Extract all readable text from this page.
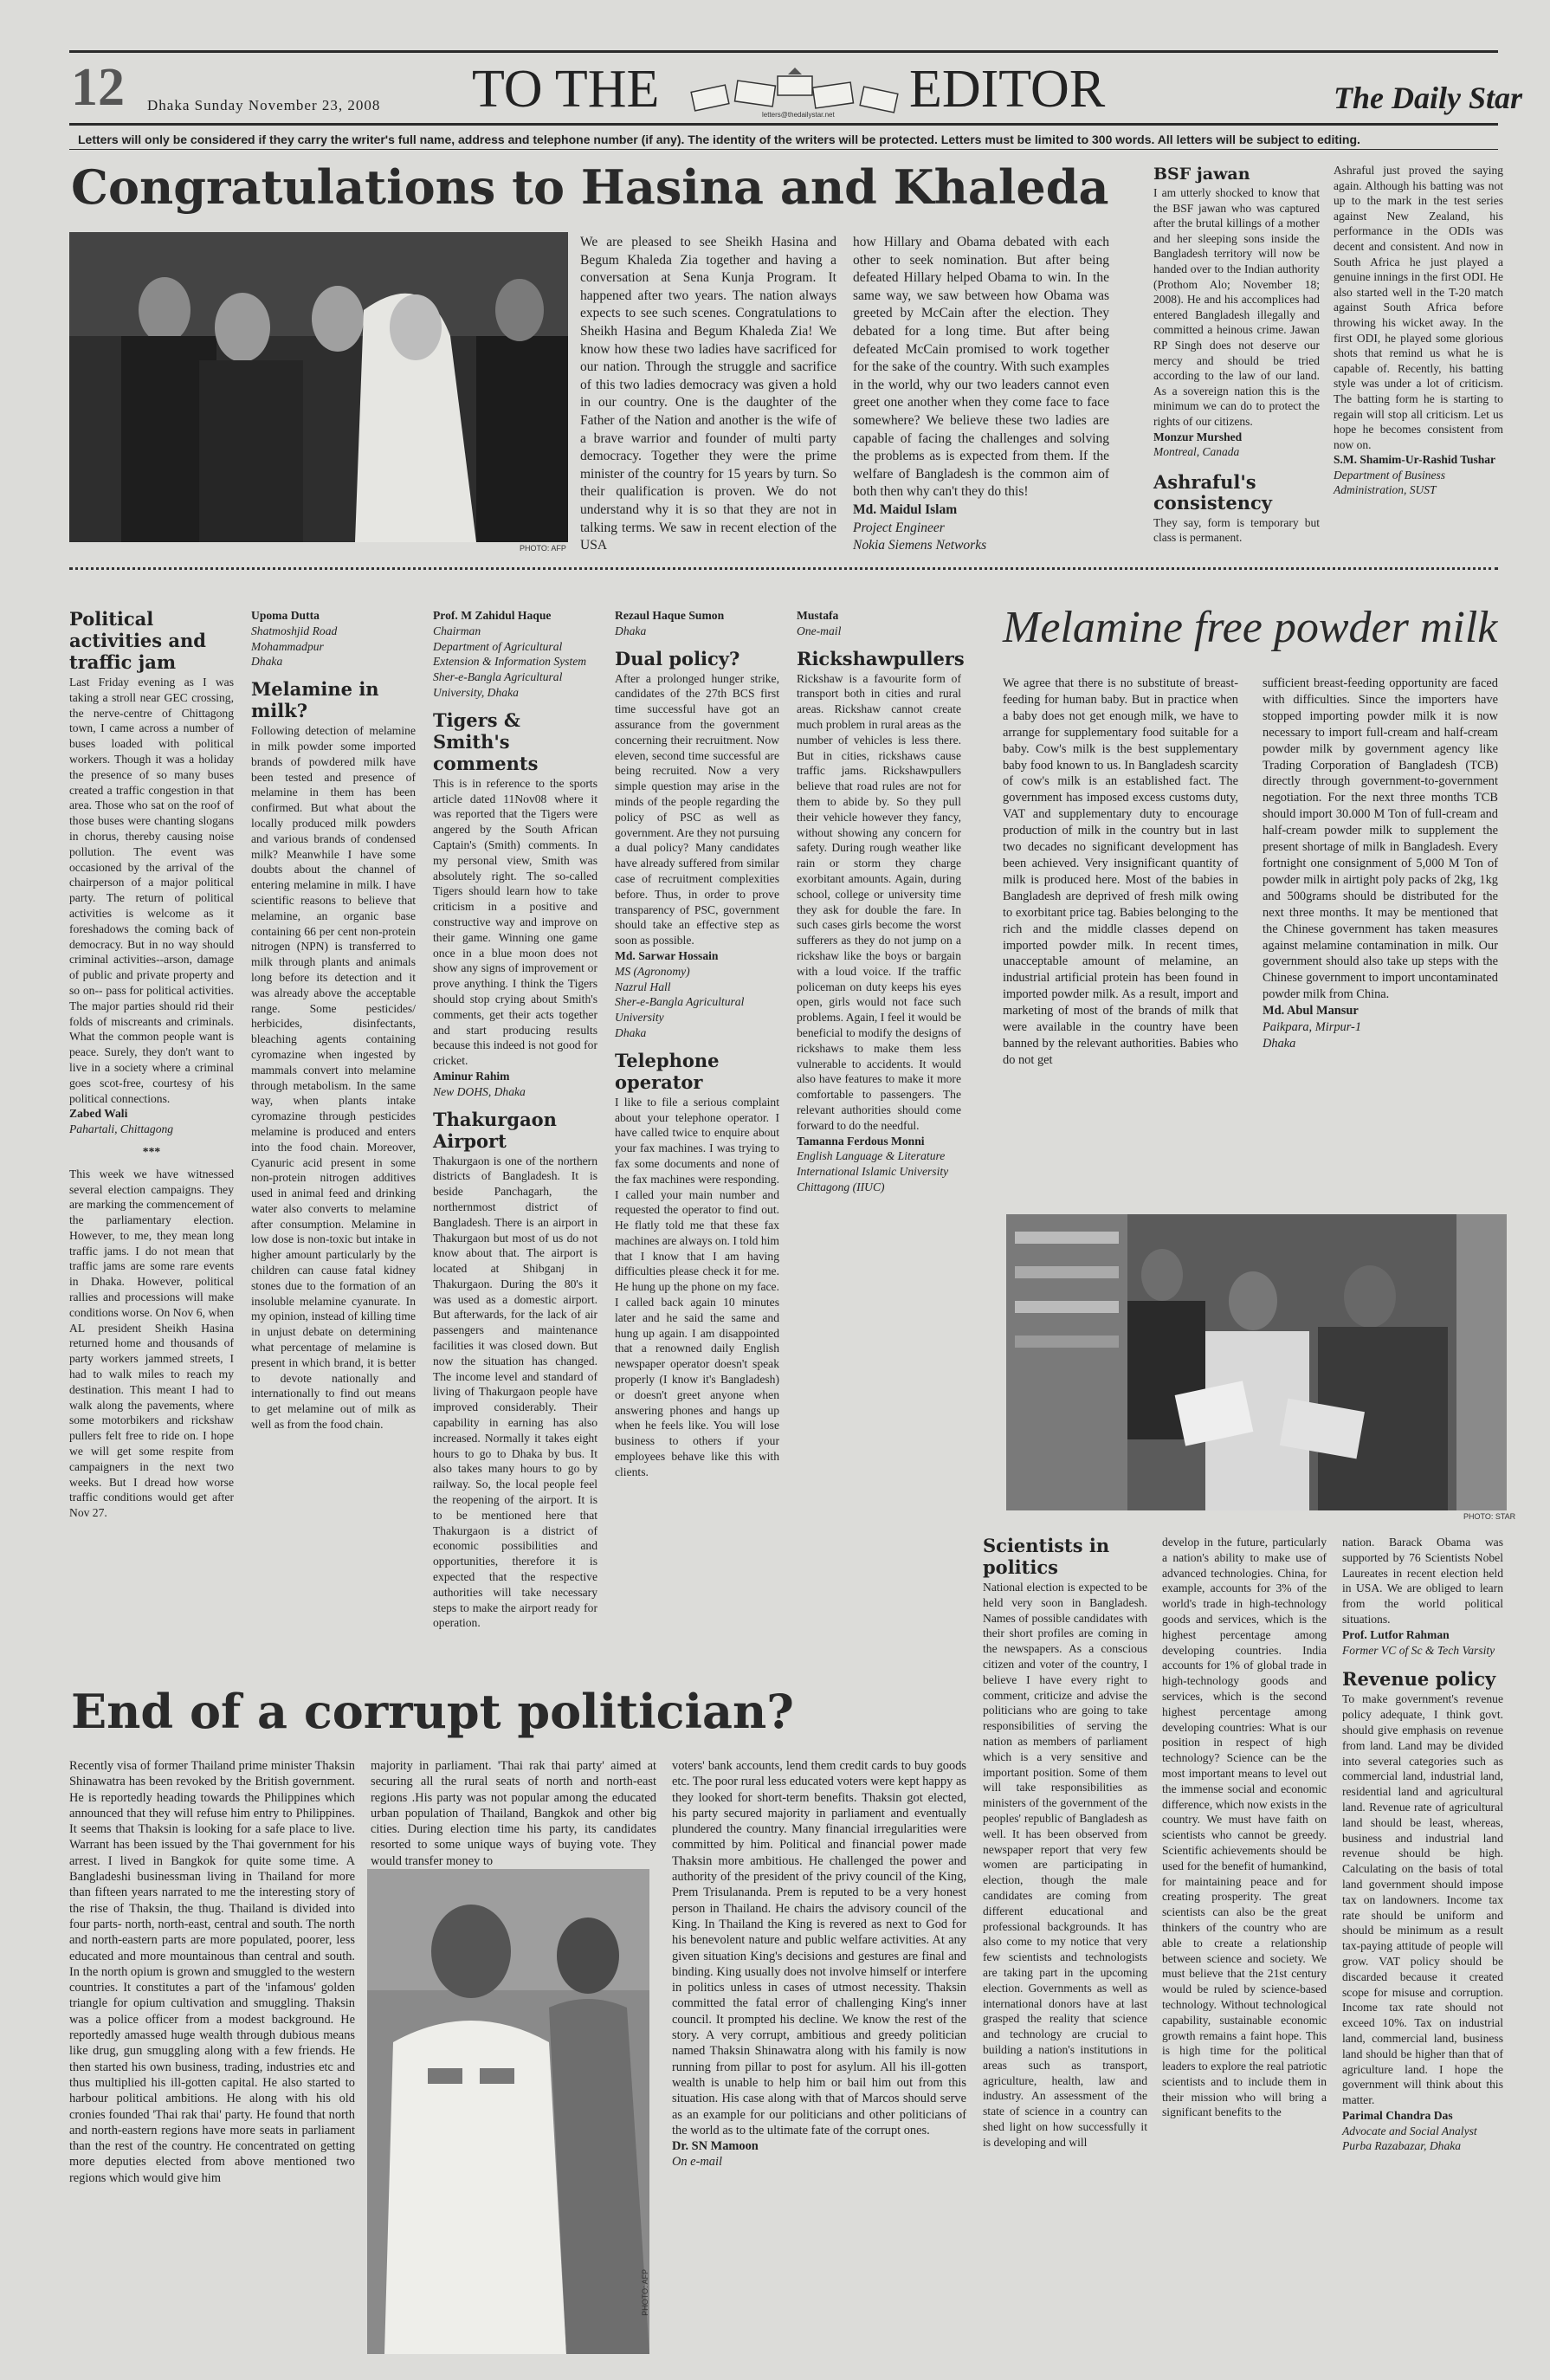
12 Dhaka Sunday November 23, 2008 TO THE	letters@thedailystar.net EDITOR	The Daily Star
Letters will only be considered if they carry the writer's full name, address and telephone number (if any). The identity of the writers will be protected. Letters must be limited to 300 words. All letters will be subject to editing.
Congratulations to Hasina and Khaleda
PHOTO: AFP
We are pleased to see Sheikh Hasina and Begum Khaleda Zia together and having a conversation at Sena Kunja Program. It happened after two years. The nation always expects to see such scenes. Congratulations to Sheikh Hasina and Begum Khaleda Zia! We know how these two ladies have sacrificed for our nation. Through the struggle and sacrifice of this two ladies democracy was given a hold in our country. One is the daughter of the Father of the Nation and another is the wife of a brave warrior and founder of multi party democracy. Together they were the prime minister of the country for 15 years by turn. So their qualification is proven. We do not understand why it is so that they are not in talking terms. We saw in recent election of the USA
how Hillary and Obama debated with each other to seek nomination. But after being defeated Hillary helped Obama to win. In the same way, we saw between how Obama was greeted by McCain after the election. They debated for a long time. But after being defeated McCain promised to work together for the sake of the country. With such examples in the world, why our two leaders cannot even greet one another when they come face to face somewhere? We believe these two ladies are capable of facing the challenges and solving the problems as is expected from them. If the welfare of Bangladesh is the common aim of both then why can't they do this!
Md. Maidul Islam
Project Engineer
Nokia Siemens Networks
BSF jawan
I am utterly shocked to know that the BSF jawan who was captured after the brutal killings of a mother and her sleeping sons inside the Bangladesh territory will now be handed over to the Indian authority (Prothom Alo; November 18; 2008). He and his accomplices had entered Bangladesh illegally and committed a heinous crime. Jawan RP Singh does not deserve our mercy and should be tried according to the law of our land. As a sovereign nation this is the minimum we can do to protect the rights of our citizens.
Monzur Murshed
Montreal, Canada
Ashraful's consistency
They say, form is temporary but class is permanent.
Ashraful just proved the saying again. Although his batting was not up to the mark in the test series against New Zealand, his performance in the ODIs was decent and consistent. And now in South Africa he just played a genuine innings in the first ODI. He also started well in the T-20 match against South Africa before throwing his wicket away. In the first ODI, he played some glorious shots that remind us what he is capable of. Recently, his batting style was under a lot of criticism. The batting form he is starting to regain will stop all criticism. Let us hope he becomes consistent from now on.
S.M. Shamim-Ur-Rashid Tushar
Department of Business Administration, SUST
Political activities and traffic jam
Last Friday evening as I was taking a stroll near GEC crossing, the nerve-centre of Chittagong town, I came across a number of buses loaded with political workers. Though it was a holiday the presence of so many buses created a traffic congestion in that area. Those who sat on the roof of those buses were chanting slogans in chorus, thereby causing noise pollution. The event was occasioned by the arrival of the chairperson of a major political party. The return of political activities is welcome as it foreshadows the coming back of democracy. But in no way should criminal activities--arson, damage of public and private property and so on-- pass for political activities. The major parties should rid their folds of miscreants and criminals. What the common people want is peace. Surely, they don't want to live in a society where a criminal goes scot-free, courtesy of his political connections.
Zabed Wali
Pahartali, Chittagong
***
This week we have witnessed several election campaigns. They are marking the commencement of the parliamentary election. However, to me, they mean long traffic jams. I do not mean that traffic jams are some rare events in Dhaka. However, political rallies and processions will make conditions worse. On Nov 6, when AL president Sheikh Hasina returned home and thousands of party workers jammed streets, I had to walk miles to reach my destination. This meant I had to walk along the pavements, where some motorbikers and rickshaw pullers felt free to ride on. I hope we will get some respite from campaigners in the next two weeks. But I dread how worse traffic conditions would get after Nov 27.
Upoma Dutta
Shatmoshjid Road
Mohammadpur
Dhaka
Melamine in milk?
Following detection of melamine in milk powder some imported brands of powdered milk have been tested and presence of melamine in them has been confirmed. But what about the locally produced milk powders and various brands of condensed milk? Meanwhile I have some doubts about the channel of entering melamine in milk. I have scientific reasons to believe that melamine, an organic base containing 66 per cent non-protein nitrogen (NPN) is transferred to milk through plants and animals long before its detection and it was already above the acceptable range. Some pesticides/ herbicides, disinfectants, bleaching agents containing cyromazine when ingested by mammals convert into melamine through metabolism. In the same way, when plants intake cyromazine through pesticides melamine is produced and enters into the food chain. Moreover, Cyanuric acid present in some non-protein nitrogen additives used in animal feed and drinking water also converts to melamine after consumption. Melamine in low dose is non-toxic but intake in higher amount particularly by the children can cause fatal kidney stones due to the formation of an insoluble melamine cyanurate. In my opinion, instead of killing time in unjust debate on determining what percentage of melamine is present in which brand, it is better to devote nationally and internationally to find out means to get melamine out of milk as well as from the food chain.
Prof. M Zahidul Haque
Chairman
Department of Agricultural Extension & Information System
Sher-e-Bangla Agricultural University, Dhaka
Tigers & Smith's comments
This is in reference to the sports article dated 11Nov08 where it was reported that the Tigers were angered by the South African Captain's (Smith) comments. In my personal view, Smith was absolutely right. The so-called Tigers should learn how to take criticism in a positive and constructive way and improve on their game. Winning one game once in a blue moon does not show any signs of improvement or prove anything. I think the Tigers should stop crying about Smith's comments, get their acts together and start producing results because this indeed is not good for cricket.
Aminur Rahim
New DOHS, Dhaka
Thakurgaon Airport
Thakurgaon is one of the northern districts of Bangladesh. It is beside Panchagarh, the northernmost district of Bangladesh. There is an airport in Thakurgaon but most of us do not know about that. The airport is located at Shibganj in Thakurgaon. During the 80's it was used as a domestic airport. But afterwards, for the lack of air passengers and maintenance facilities it was closed down. But now the situation has changed. The income level and standard of living of Thakurgaon people have improved considerably. Their capability in earning has also increased. Normally it takes eight hours to go to Dhaka by bus. It also takes many hours to go by railway. So, the local people feel the reopening of the airport. It is to be mentioned here that Thakurgaon is a district of economic possibilities and opportunities, therefore it is expected that the respective authorities will take necessary steps to make the airport ready for operation.
Rezaul Haque Sumon
Dhaka
Dual policy?
After a prolonged hunger strike, candidates of the 27th BCS first time successful have got an assurance from the government concerning their recruitment. Now eleven, second time successful are being recruited. Now a very simple question may arise in the minds of the people regarding the policy of PSC as well as government. Are they not pursuing a dual policy? Many candidates have already suffered from similar case of recruitment complexities before. Thus, in order to prove transparency of PSC, government should take an effective step as soon as possible.
Md. Sarwar Hossain
MS (Agronomy)
Nazrul Hall
Sher-e-Bangla Agricultural University
Dhaka
Telephone operator
I like to file a serious complaint about your telephone operator. I have called twice to enquire about your fax machines. I was trying to fax some documents and none of the fax machines were responding. I called your main number and requested the operator to find out. He flatly told me that these fax machines are always on. I told him that I know that I am having difficulties please check it for me. He hung up the phone on my face. I called back again 10 minutes later and he said the same and hung up again. I am disappointed that a renowned daily English newspaper operator doesn't speak properly (I know it's Bangladesh) or doesn't greet anyone when answering phones and hangs up when he feels like. You will lose business to others if your employees behave like this with clients.
Mustafa
One-mail
Rickshawpullers
Rickshaw is a favourite form of transport both in cities and rural areas. Rickshaw cannot create much problem in rural areas as the number of vehicles is less there. But in cities, rickshaws cause traffic jams. Rickshawpullers believe that road rules are not for them to abide by. So they pull their vehicle however they fancy, without showing any concern for safety. During rough weather like rain or storm they charge exorbitant amounts. Again, during school, college or university time they ask for double the fare. In such cases girls become the worst sufferers as they do not jump on a rickshaw like the boys or bargain with a loud voice. If the traffic policeman on duty keeps his eyes open, girls would not face such problems. Again, I feel it would be beneficial to modify the designs of rickshaws to make them less vulnerable to accidents. It would also have features to make it more comfortable to passengers. The relevant authorities should come forward to do the needful.
Tamanna Ferdous Monni
English Language & Literature
International Islamic University Chittagong (IIUC)
Melamine free powder milk
We agree that there is no substitute of breast-feeding for human baby. But in practice when a baby does not get enough milk, we have to arrange for supplementary food suitable for a baby. Cow's milk is the best supplementary baby food known to us. In Bangladesh scarcity of cow's milk is an established fact. The government has imposed excess customs duty, VAT and supplementary duty to encourage production of milk in the country but in last two decades no significant development has been achieved. Very insignificant quantity of milk is produced here. Most of the babies in Bangladesh are deprived of fresh milk owing to exorbitant price tag. Babies belonging to the rich and the middle classes depend on imported powder milk. In recent times, unacceptable amount of melamine, an industrial artificial protein has been found in imported powder milk. As a result, import and marketing of most of the brands of milk that were available in the country have been banned by the relevant authorities. Babies who do not get
sufficient breast-feeding opportunity are faced with difficulties. Since the importers have stopped importing powder milk it is now necessary to import full-cream and half-cream powder milk by government agency like Trading Corporation of Bangladesh (TCB) directly through government-to-government negotiation. For the next three months TCB should import 30.000 M Ton of full-cream and half-cream powder milk to supplement the present shortage of milk in Bangladesh. Every fortnight one consignment of 5,000 M Ton of powder milk in airtight poly packs of 2kg, 1kg and 500grams should be distributed for the next three months. It may be mentioned that the Chinese government has taken measures against melamine contamination in milk. Our government should also take up steps with the Chinese government to import uncontaminated powder milk from China.
Md. Abul Mansur
Paikpara, Mirpur-1
Dhaka
PHOTO: STAR
End of a corrupt politician?
Recently visa of former Thailand prime minister Thaksin Shinawatra has been revoked by the British government. He is reportedly heading towards the Philippines which announced that they will refuse him entry to Philippines. It seems that Thaksin is looking for a safe place to live. Warrant has been issued by the Thai government for his arrest. I lived in Bangkok for quite some time. A Bangladeshi businessman living in Thailand for more than fifteen years narrated to me the interesting story of the rise of Thaksin, the thug. Thailand is divided into four parts- north, north-east, central and south. The north and north-eastern parts are more populated, poorer, less educated and more mountainous than central and south. In the north opium is grown and smuggled to the western countries. It constitutes a part of the 'infamous' golden triangle for opium cultivation and smuggling. Thaksin was a police officer from a modest background. He reportedly amassed huge wealth through dubious means like drug, gun smuggling along with a few friends. He then started his own business, trading, industries etc and thus multiplied his ill-gotten capital. He also started to harbour political ambitions. He along with his old cronies founded 'Thai rak thai' party. He found that north and north-eastern regions have more seats in parliament than the rest of the country. He concentrated on getting more deputies elected from above mentioned two regions which would give him
majority in parliament. 'Thai rak thai party' aimed at securing all the rural seats of north and north-east regions .His party was not popular among the educated urban population of Thailand, Bangkok and other big cities. During election time his party, its candidates resorted to some unique ways of buying vote. They would transfer money to
PHOTO: AFP
voters' bank accounts, lend them credit cards to buy goods etc. The poor rural less educated voters were kept happy as they looked for short-term benefits. Thaksin got elected, his party secured majority in parliament and eventually plundered the country. Many financial irregularities were committed by him. Political and financial power made Thaksin more ambitious. He challenged the power and authority of the president of the privy council of the King, Prem Trisulananda. Prem is reputed to be a very honest person in Thailand. He chairs the advisory council of the King. In Thailand the King is revered as next to God for his benevolent nature and public welfare activities. At any given situation King's decisions and gestures are final and binding. King usually does not involve himself or interfere in politics unless in cases of utmost necessity. Thaksin committed the fatal error of challenging King's inner council. It prompted his decline. We know the rest of the story. A very corrupt, ambitious and greedy politician named Thaksin Shinawatra along with his family is now running from pillar to post for asylum. All his ill-gotten wealth is unable to help him or bail him out from this situation. His case along with that of Marcos should serve as an example for our politicians and other politicians of the world as to the ultimate fate of the corrupt ones.
Dr. SN Mamoon
On e-mail
Scientists in politics
National election is expected to be held very soon in Bangladesh. Names of possible candidates with their short profiles are coming in the newspapers. As a conscious citizen and voter of the country, I believe I have every right to comment, criticize and advise the politicians who are going to take responsibilities of serving the nation as members of parliament which is a very sensitive and important position. Some of them will take responsibilities as ministers of the government of the peoples' republic of Bangladesh as well. It has been observed from newspaper report that very few women are participating in election, though the male candidates are coming from different educational and professional backgrounds. It has also come to my notice that very few scientists and technologists are taking part in the upcoming election. Governments as well as international donors have at last grasped the reality that science and technology are crucial to building a nation's institutions in areas such as transport, agriculture, health, law and industry. An assessment of the state of science in a country can shed light on how successfully it is developing and will
develop in the future, particularly a nation's ability to make use of advanced technologies. China, for example, accounts for 3% of the world's trade in high-technology goods and services, which is the highest percentage among developing countries. India accounts for 1% of global trade in high-technology goods and services, which is the second highest percentage among developing countries: What is our position in respect of high technology? Science can be the most important means to level out the immense social and economic difference, which now exists in the country. We must have faith on scientists who cannot be greedy. Scientific achievements should be used for the benefit of humankind, for maintaining peace and for creating prosperity. The great scientists can also be the great thinkers of the country who are able to create a relationship between science and society. We must believe that the 21st century would be ruled by science-based technology. Without technological capability, sustainable economic growth remains a faint hope. This is high time for the political leaders to explore the real patriotic scientists and to include them in their mission who will bring a significant benefits to the
nation. Barack Obama was supported by 76 Scientists Nobel Laureates in recent election held in USA. We are obliged to learn from the world political situations.
Prof. Lutfor Rahman
Former VC of Sc & Tech Varsity
Revenue policy
To make government's revenue policy adequate, I think govt. should give emphasis on revenue from land. Land may be divided into several categories such as commercial land, industrial land, residential land and agricultural land. Revenue rate of agricultural land should be least, whereas, business and industrial land revenue should be high. Calculating on the basis of total land government should impose tax on landowners. Income tax rate should be uniform and should be minimum as a result tax-paying attitude of people will grow. VAT policy should be discarded because it created scope for misuse and corruption. Income tax rate should not exceed 10%. Tax on industrial land, commercial land, business land should be higher than that of agriculture land. I hope the government will think about this matter.
Parimal Chandra Das
Advocate and Social Analyst
Purba Razabazar, Dhaka
